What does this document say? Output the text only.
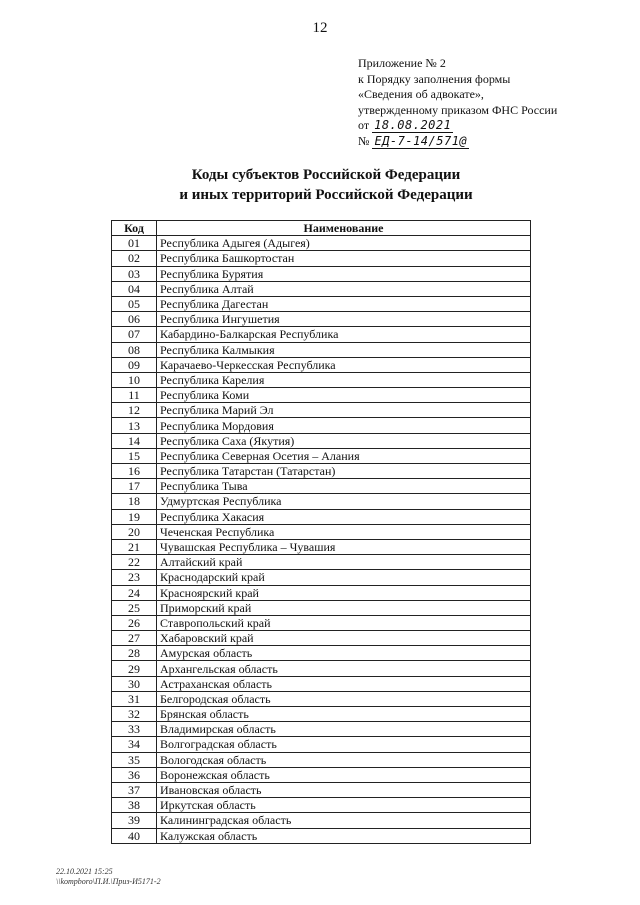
12
Приложение № 2
к Порядку заполнения формы
«Сведения об адвокате»,
утвержденному приказом ФНС России
от 18.08.2021
№ ЕД-7-14/571@
Коды субъектов Российской Федерации
и иных территорий Российской Федерации
Код	Наименование
01	Республика Адыгея (Адыгея)
02	Республика Башкортостан
03	Республика Бурятия
04	Республика Алтай
05	Республика Дагестан
06	Республика Ингушетия
07	Кабардино-Балкарская Республика
08	Республика Калмыкия
09	Карачаево-Черкесская Республика
10	Республика Карелия
11	Республика Коми
12	Республика Марий Эл
13	Республика Мордовия
14	Республика Саха (Якутия)
15	Республика Северная Осетия – Алания
16	Республика Татарстан (Татарстан)
17	Республика Тыва
18	Удмуртская Республика
19	Республика Хакасия
20	Чеченская Республика
21	Чувашская Республика – Чувашия
22	Алтайский край
23	Краснодарский край
24	Красноярский край
25	Приморский край
26	Ставропольский край
27	Хабаровский край
28	Амурская область
29	Архангельская область
30	Астраханская область
31	Белгородская область
32	Брянская область
33	Владимирская область
34	Волгоградская область
35	Вологодская область
36	Воронежская область
37	Ивановская область
38	Иркутская область
39	Калининградская область
40	Калужская область
22.10.2021 15:25
\\kompboro\П.И.\Приз-И5171-2
